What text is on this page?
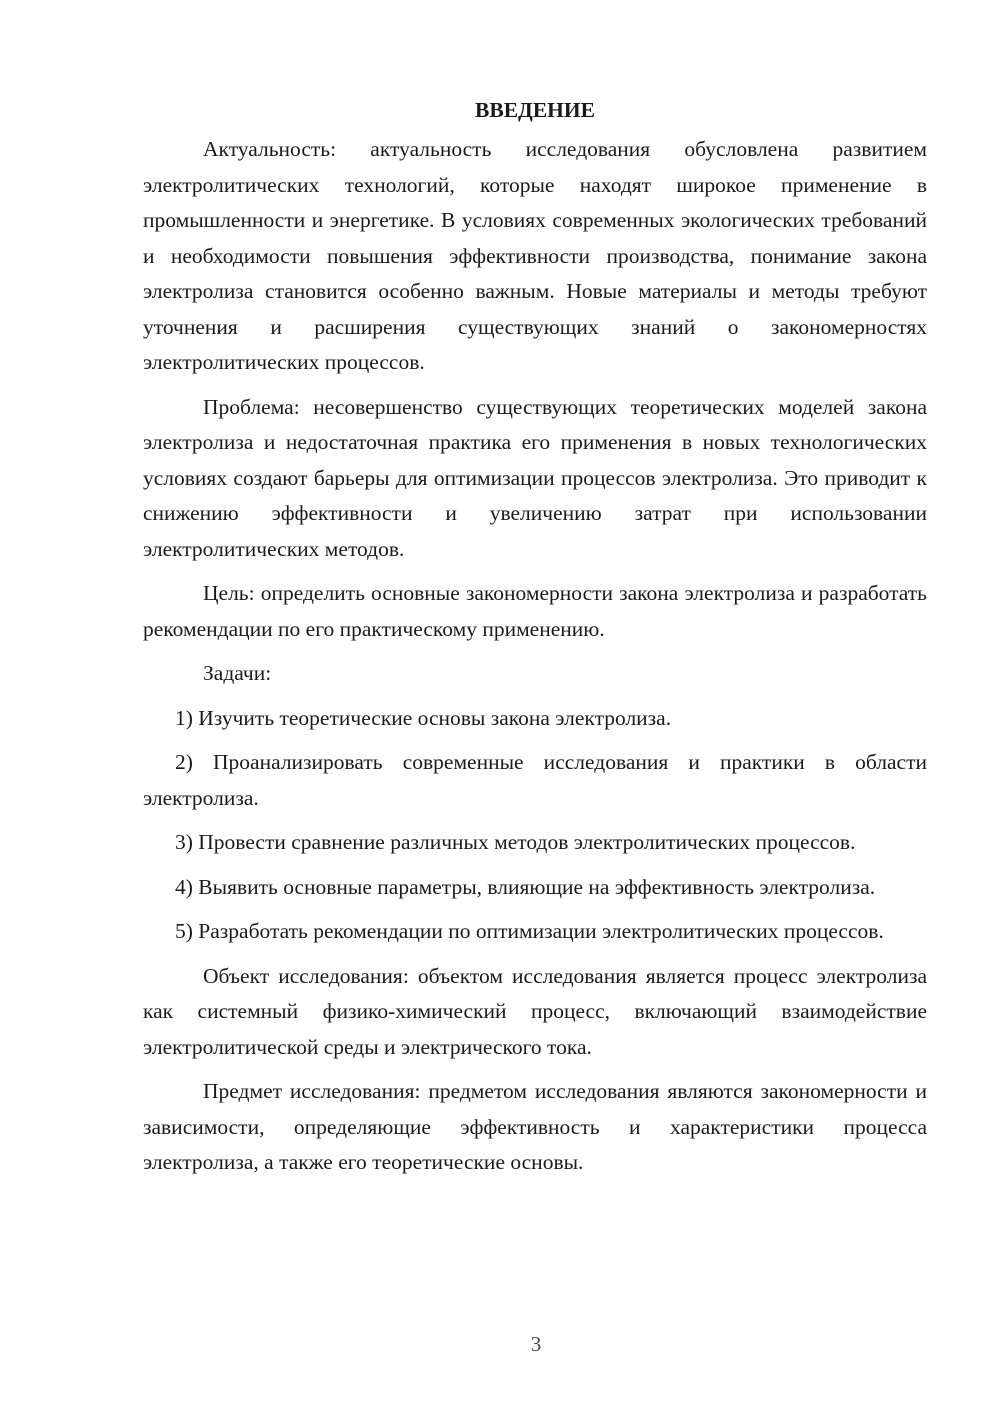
ВВЕДЕНИЕ

Актуальность: актуальность исследования обусловлена развитием электролитических технологий, которые находят широкое применение в промышленности и энергетике. В условиях современных экологических требований и необходимости повышения эффективности производства, понимание закона электролиза становится особенно важным. Новые материалы и методы требуют уточнения и расширения существующих знаний о закономерностях электролитических процессов.

Проблема: несовершенство существующих теоретических моделей закона электролиза и недостаточная практика его применения в новых технологических условиях создают барьеры для оптимизации процессов электролиза. Это приводит к снижению эффективности и увеличению затрат при использовании электролитических методов.

Цель: определить основные закономерности закона электролиза и разработать рекомендации по его практическому применению.

Задачи:

1) Изучить теоретические основы закона электролиза.

2) Проанализировать современные исследования и практики в области электролиза.

3) Провести сравнение различных методов электролитических процессов.

4) Выявить основные параметры, влияющие на эффективность электролиза.

5) Разработать рекомендации по оптимизации электролитических процессов.

Объект исследования: объектом исследования является процесс электролиза как системный физико-химический процесс, включающий взаимодействие электролитической среды и электрического тока.

Предмет исследования: предметом исследования являются закономерности и зависимости, определяющие эффективность и характеристики процесса электролиза, а также его теоретические основы.

3
